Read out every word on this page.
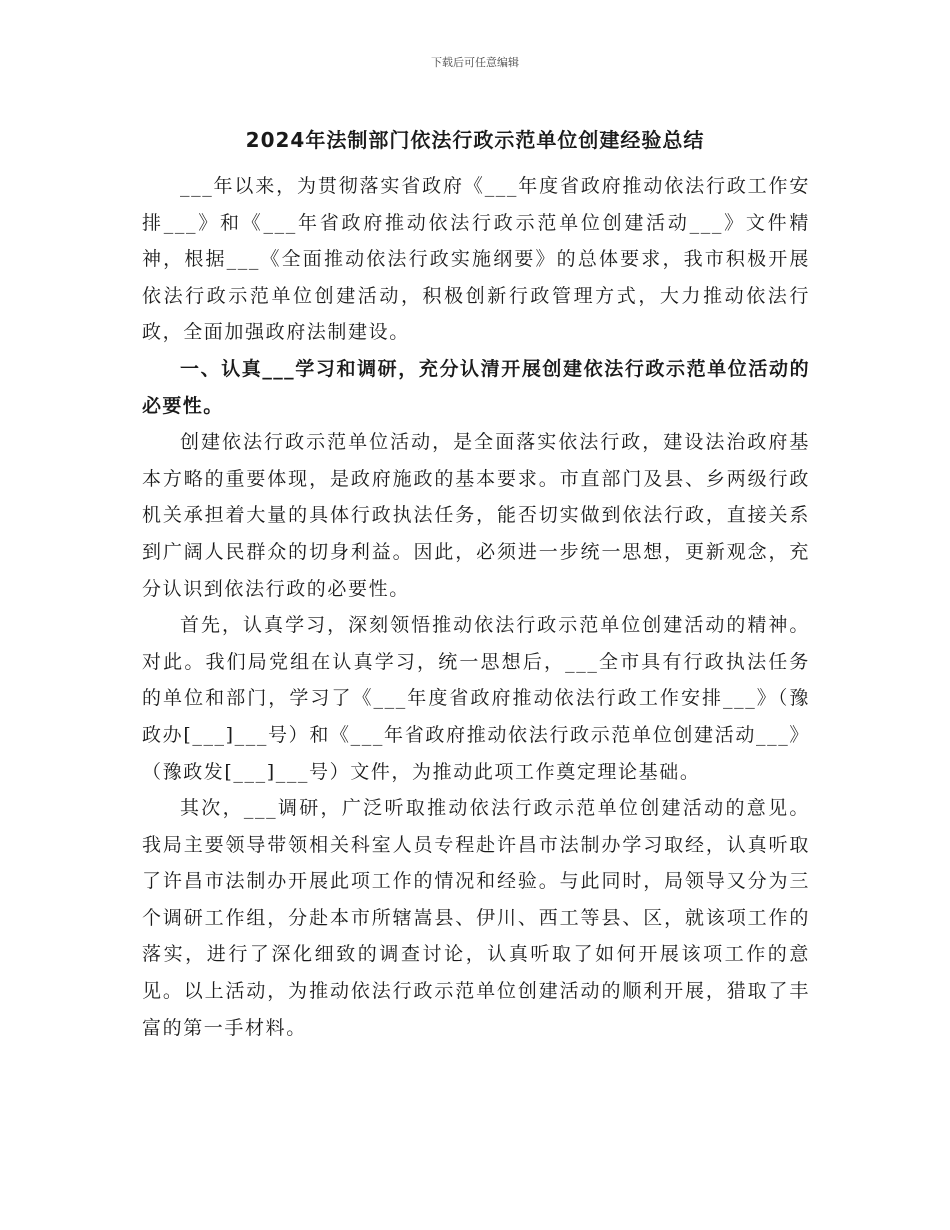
下载后可任意编辑
2024年法制部门依法行政示范单位创建经验总结

___年以来，为贯彻落实省政府《___年度省政府推动依法行政工作安排___》和《___年省政府推动依法行政示范单位创建活动___》文件精神，根据___《全面推动依法行政实施纲要》的总体要求，我市积极开展依法行政示范单位创建活动，积极创新行政管理方式，大力推动依法行政，全面加强政府法制建设。

一、认真___学习和调研，充分认清开展创建依法行政示范单位活动的必要性。

创建依法行政示范单位活动，是全面落实依法行政，建设法治政府基本方略的重要体现，是政府施政的基本要求。市直部门及县、乡两级行政机关承担着大量的具体行政执法任务，能否切实做到依法行政，直接关系到广阔人民群众的切身利益。因此，必须进一步统一思想，更新观念，充分认识到依法行政的必要性。

首先，认真学习，深刻领悟推动依法行政示范单位创建活动的精神。对此。我们局党组在认真学习，统一思想后，___全市具有行政执法任务的单位和部门，学习了《___年度省政府推动依法行政工作安排___》（豫政办[___]___号）和《___年省政府推动依法行政示范单位创建活动___》（豫政发[___]___号）文件，为推动此项工作奠定理论基础。

其次，___调研，广泛听取推动依法行政示范单位创建活动的意见。我局主要领导带领相关科室人员专程赴许昌市法制办学习取经，认真听取了许昌市法制办开展此项工作的情况和经验。与此同时，局领导又分为三个调研工作组，分赴本市所辖嵩县、伊川、西工等县、区，就该项工作的落实，进行了深化细致的调查讨论，认真听取了如何开展该项工作的意见。以上活动，为推动依法行政示范单位创建活动的顺利开展，猎取了丰富的第一手材料。
